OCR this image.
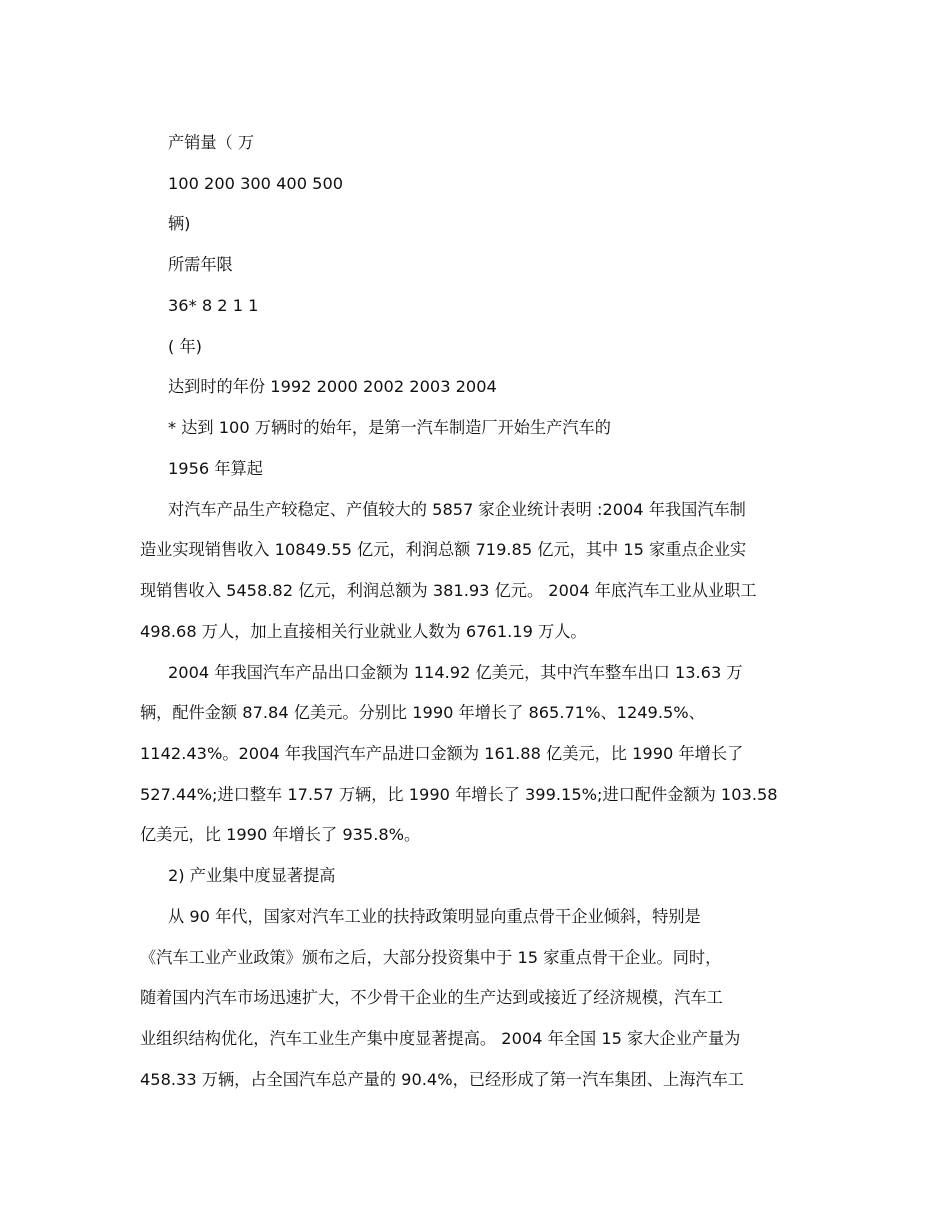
产销量（ 万
100 200 300 400 500
辆)
所需年限
36* 8 2 1 1
( 年)
达到时的年份 1992 2000 2002 2003 2004
* 达到 100 万辆时的始年，是第一汽车制造厂开始生产汽车的
1956 年算起
对汽车产品生产较稳定、产值较大的 5857 家企业统计表明 :2004 年我国汽车制
造业实现销售收入 10849.55 亿元，利润总额 719.85 亿元，其中 15 家重点企业实
现销售收入 5458.82 亿元，利润总额为 381.93 亿元。 2004 年底汽车工业从业职工
498.68 万人，加上直接相关行业就业人数为 6761.19 万人。
2004 年我国汽车产品出口金额为 114.92 亿美元，其中汽车整车出口 13.63 万
辆，配件金额 87.84 亿美元。分别比 1990 年增长了 865.71%、1249.5%、
1142.43%。2004 年我国汽车产品进口金额为 161.88 亿美元，比 1990 年增长了
527.44%;进口整车 17.57 万辆，比 1990 年增长了 399.15%;进口配件金额为 103.58
亿美元，比 1990 年增长了 935.8%。
2) 产业集中度显著提高
从 90 年代，国家对汽车工业的扶持政策明显向重点骨干企业倾斜，特别是
《汽车工业产业政策》颁布之后，大部分投资集中于 15 家重点骨干企业。同时，
随着国内汽车市场迅速扩大，不少骨干企业的生产达到或接近了经济规模，汽车工
业组织结构优化，汽车工业生产集中度显著提高。 2004 年全国 15 家大企业产量为
458.33 万辆，占全国汽车总产量的 90.4%，已经形成了第一汽车集团、上海汽车工
